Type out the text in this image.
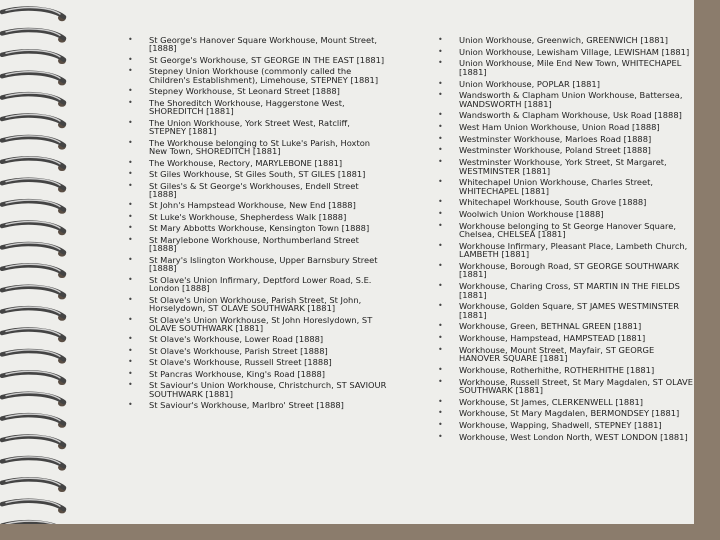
• St George's Hanover Square Workhouse, Mount Street, [1888]
• St George's Workhouse, ST GEORGE IN THE EAST [1881]
• Stepney Union Workhouse (commonly called the Children's Establishment), Limehouse, STEPNEY [1881]
• Stepney Workhouse, St Leonard Street [1888]
• The Shoreditch Workhouse, Haggerstone West, SHOREDITCH [1881]
• The Union Workhouse, York Street West, Ratcliff, STEPNEY [1881]
• The Workhouse belonging to St Luke's Parish, Hoxton New Town, SHOREDITCH [1881]
• The Workhouse, Rectory, MARYLEBONE [1881]
• St Giles Workhouse, St Giles South, ST GILES [1881]
• St Giles's & St George's Workhouses, Endell Street [1888]
• St John's Hampstead Workhouse, New End [1888]
• St Luke's Workhouse, Shepherdess Walk [1888]
• St Mary Abbotts Workhouse, Kensington Town [1888]
• St Marylebone Workhouse, Northumberland Street [1888]
• St Mary's Islington Workhouse, Upper Barnsbury Street [1888]
• St Olave's Union Infirmary, Deptford Lower Road, S.E. London [1888]
• St Olave's Union Workhouse, Parish Street, St John, Horselydown, ST OLAVE SOUTHWARK [1881]
• St Olave's Union Workhouse, St John Horeslydown, ST OLAVE SOUTHWARK [1881]
• St Olave's Workhouse, Lower Road [1888]
• St Olave's Workhouse, Parish Street [1888]
• St Olave's Workhouse, Russell Street [1888]
• St Pancras Workhouse, King's Road [1888]
• St Saviour's Union Workhouse, Christchurch, ST SAVIOUR SOUTHWARK [1881]
• St Saviour's Workhouse, Marlbro' Street [1888]
• Union Workhouse, Greenwich, GREENWICH [1881]
• Union Workhouse, Lewisham Village, LEWISHAM [1881]
• Union Workhouse, Mile End New Town, WHITECHAPEL [1881]
• Union Workhouse, POPLAR [1881]
• Wandsworth & Clapham Union Workhouse, Battersea, WANDSWORTH [1881]
• Wandsworth & Clapham Workhouse, Usk Road [1888]
• West Ham Union Workhouse, Union Road [1888]
• Westminster Workhouse, Marloes Road [1888]
• Westminster Workhouse, Poland Street [1888]
• Westminster Workhouse, York Street, St Margaret, WESTMINSTER [1881]
• Whitechapel Union Workhouse, Charles Street, WHITECHAPEL [1881]
• Whitechapel Workhouse, South Grove [1888]
• Woolwich Union Workhouse [1888]
• Workhouse belonging to St George Hanover Square, Chelsea, CHELSEA [1881]
• Workhouse Infirmary, Pleasant Place, Lambeth Church, LAMBETH [1881]
• Workhouse, Borough Road, ST GEORGE SOUTHWARK [1881]
• Workhouse, Charing Cross, ST MARTIN IN THE FIELDS [1881]
• Workhouse, Golden Square, ST JAMES WESTMINSTER [1881]
• Workhouse, Green, BETHNAL GREEN [1881]
• Workhouse, Hampstead, HAMPSTEAD [1881]
• Workhouse, Mount Street, Mayfair, ST GEORGE HANOVER SQUARE [1881]
• Workhouse, Rotherhithe, ROTHERHITHE [1881]
• Workhouse, Russell Street, St Mary Magdalen, ST OLAVE SOUTHWARK [1881]
• Workhouse, St James, CLERKENWELL [1881]
• Workhouse, St Mary Magdalen, BERMONDSEY [1881]
• Workhouse, Wapping, Shadwell, STEPNEY [1881]
• Workhouse, West London North, WEST LONDON [1881]
